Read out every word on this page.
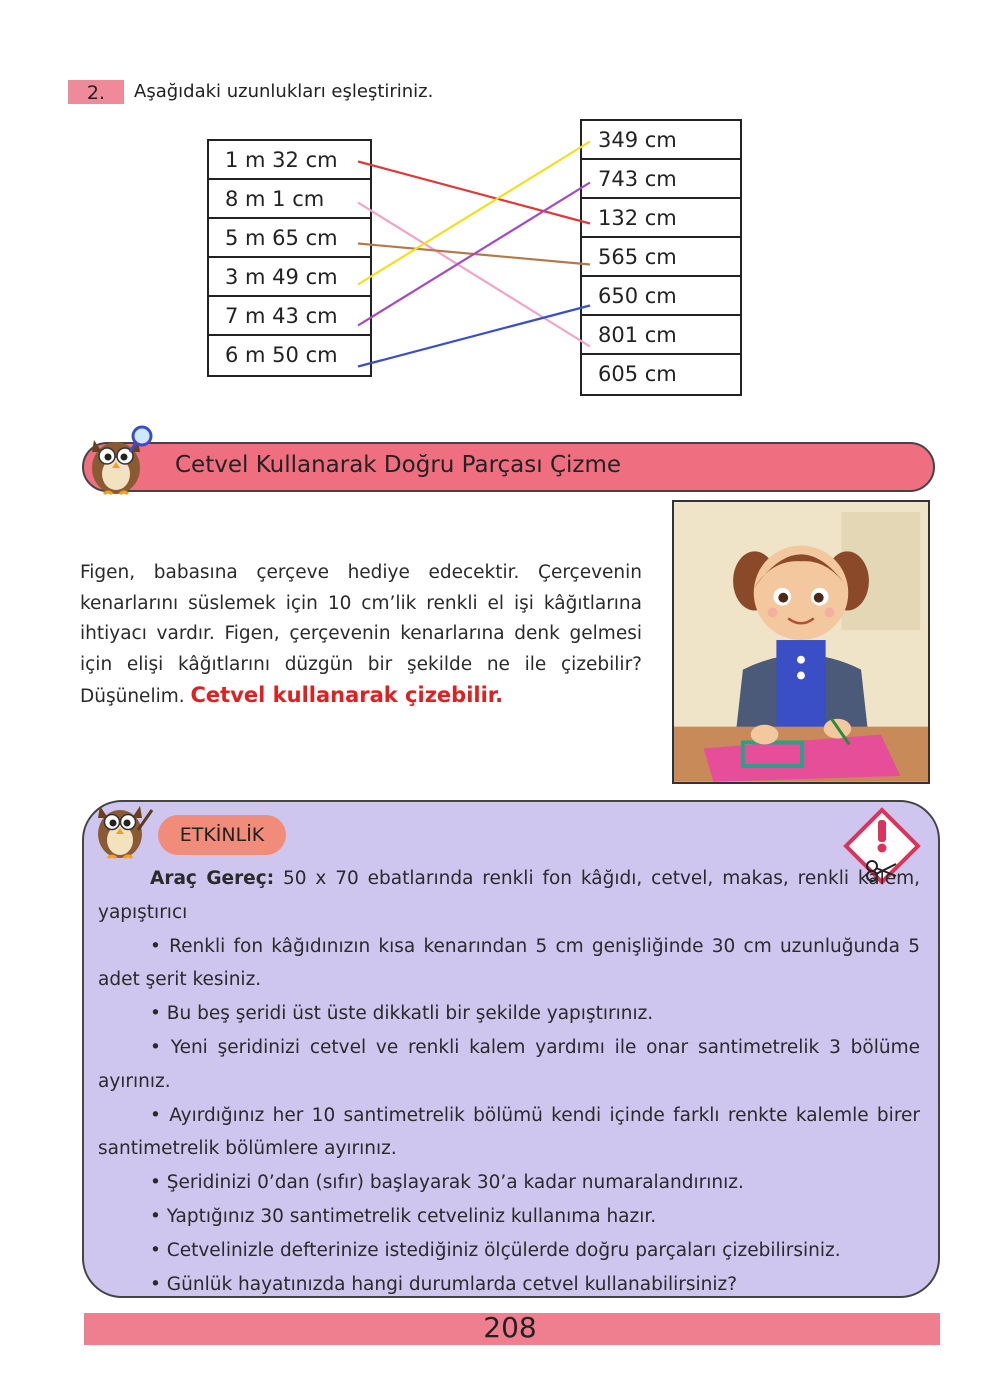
2.	Aşağıdaki uzunlukları eşleştiriniz.
1 m 32 cm
8 m 1 cm
5 m 65 cm
3 m 49 cm
7 m 43 cm
6 m 50 cm
349 cm
743 cm
132 cm
565 cm
650 cm
801 cm
605 cm
Cetvel Kullanarak Doğru Parçası Çizme
Figen, babasına çerçeve hediye edecektir. Çerçevenin kenarlarını süslemek için 10 cm’lik renkli el işi kâğıtlarına ihtiyacı vardır. Figen, çerçevenin kenarlarına denk gelmesi için elişi kâğıtlarını düzgün bir şekilde ne ile çizebilir? Düşünelim. Cetvel kullanarak çizebilir.
ETKİNLİK

Araç Gereç: 50 x 70 ebatlarında renkli fon kâğıdı, cetvel, makas, renkli kalem, yapıştırıcı

• Renkli fon kâğıdınızın kısa kenarından 5 cm genişliğinde 30 cm uzunluğunda 5 adet şerit kesiniz.

• Bu beş şeridi üst üste dikkatli bir şekilde yapıştırınız.

• Yeni şeridinizi cetvel ve renkli kalem yardımı ile onar santimetrelik 3 bölüme ayırınız.

• Ayırdığınız her 10 santimetrelik bölümü kendi içinde farklı renkte kalemle birer santimetrelik bölümlere ayırınız.

• Şeridinizi 0’dan (sıfır) başlayarak 30’a kadar numaralandırınız.

• Yaptığınız 30 santimetrelik cetveliniz kullanıma hazır.

• Cetvelinizle defterinize istediğiniz ölçülerde doğru parçaları çizebilirsiniz.

• Günlük hayatınızda hangi durumlarda cetvel kullanabilirsiniz?

208
